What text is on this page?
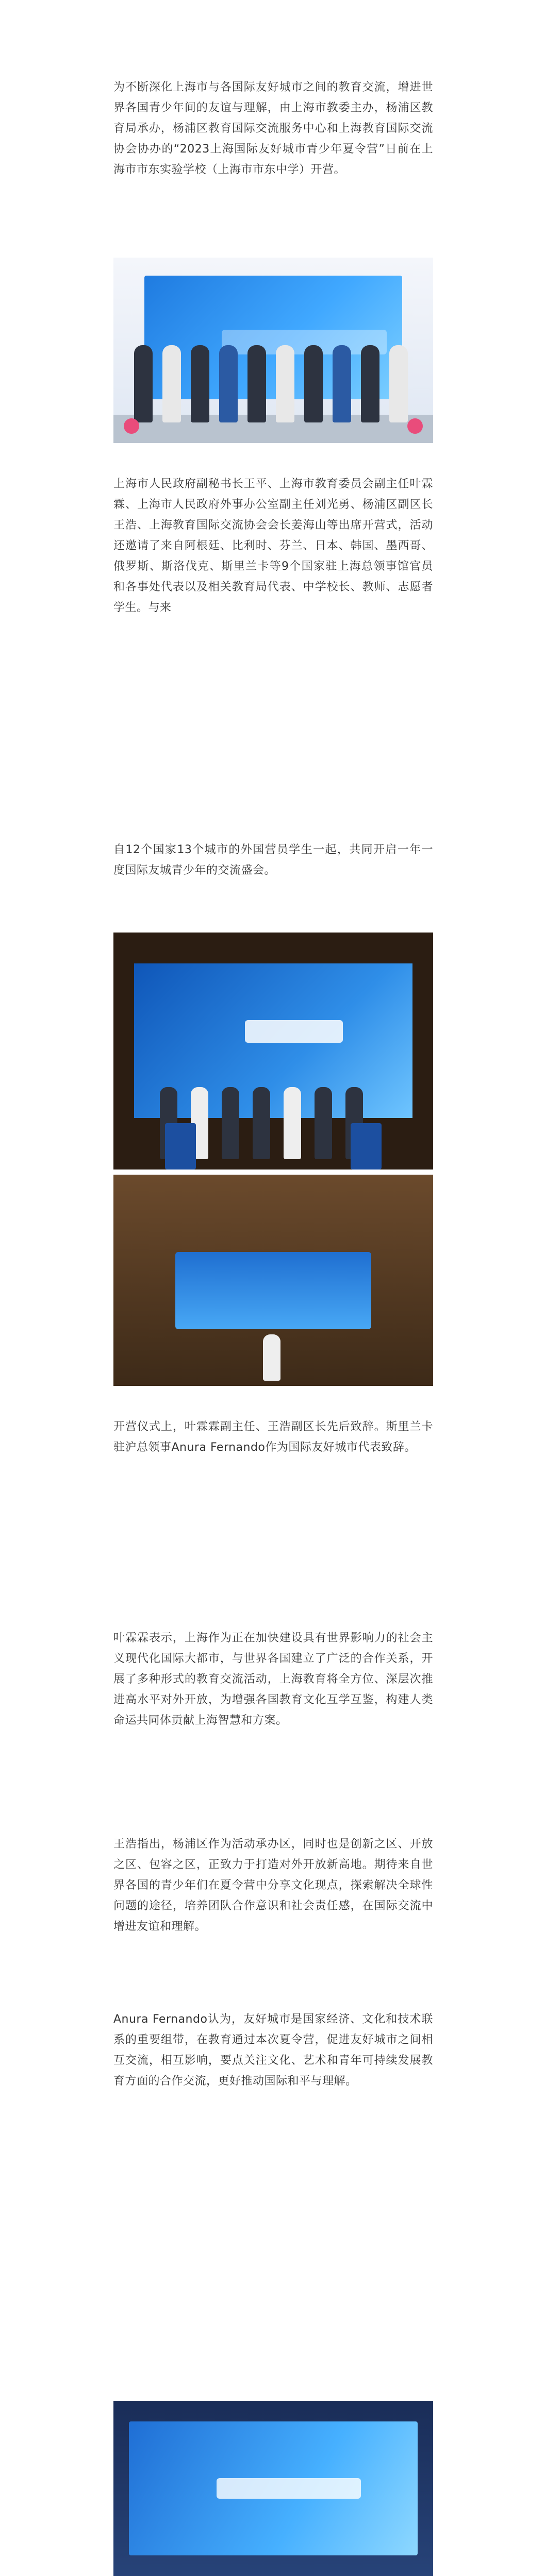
为不断深化上海市与各国际友好城市之间的教育交流，增进世界各国青少年间的友谊与理解，由上海市教委主办，杨浦区教育局承办，杨浦区教育国际交流服务中心和上海教育国际交流协会协办的“2023上海国际友好城市青少年夏令营”日前在上海市市东实验学校（上海市市东中学）开营。

上海市人民政府副秘书长王平、上海市教育委员会副主任叶霖霖、上海市人民政府外事办公室副主任刘光勇、杨浦区副区长王浩、上海教育国际交流协会会长姜海山等出席开营式，活动还邀请了来自阿根廷、比利时、芬兰、日本、韩国、墨西哥、俄罗斯、斯洛伐克、斯里兰卡等9个国家驻上海总领事馆官员和各事处代表以及相关教育局代表、中学校长、教师、志愿者学生。与来

自12个国家13个城市的外国营员学生一起，共同开启一年一度国际友城青少年的交流盛会。

开营仪式上，叶霖霖副主任、王浩副区长先后致辞。斯里兰卡驻沪总领事Anura Fernando作为国际友好城市代表致辞。

叶霖霖表示，上海作为正在加快建设具有世界影响力的社会主义现代化国际大都市，与世界各国建立了广泛的合作关系，开展了多种形式的教育交流活动，上海教育将全方位、深层次推进高水平对外开放，为增强各国教育文化互学互鉴，构建人类命运共同体贡献上海智慧和方案。

王浩指出，杨浦区作为活动承办区，同时也是创新之区、开放之区、包容之区，正致力于打造对外开放新高地。期待来自世界各国的青少年们在夏令营中分享文化现点，探索解决全球性问题的途径，培养团队合作意识和社会责任感，在国际交流中增进友谊和理解。

Anura Fernando认为，友好城市是国家经济、文化和技术联系的重要组带，在教育通过本次夏令营，促进友好城市之间相互交流，相互影响，要点关注文化、艺术和青年可持续发展教育方面的合作交流，更好推动国际和平与理解。
